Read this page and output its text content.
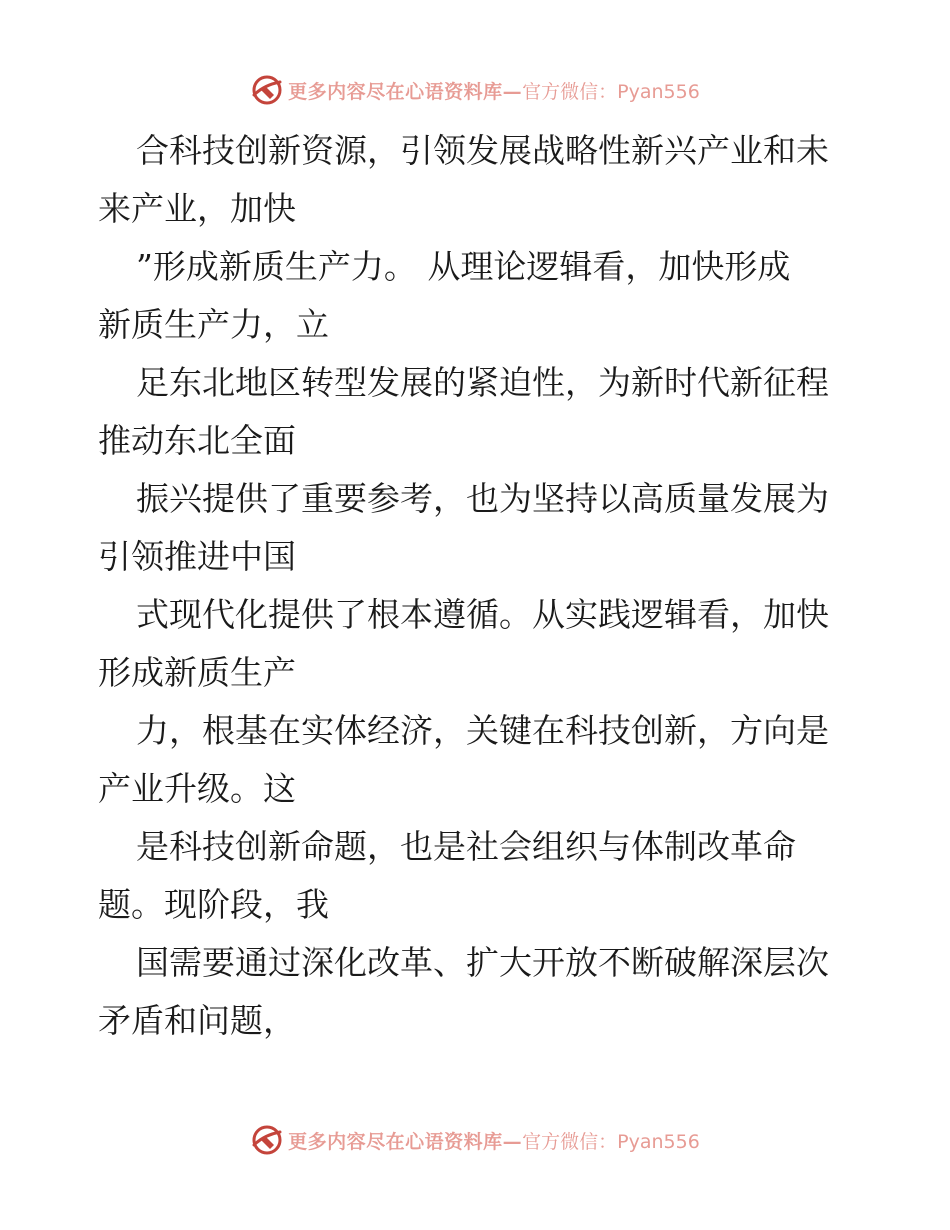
更多内容尽在心语资料库— 官方微信：Pyan556
合科技创新资源，引领发展战略性新兴产业和未
来产业，加快
”形成新质生产力。 从理论逻辑看，加快形成
新质生产力，立
足东北地区转型发展的紧迫性，为新时代新征程
推动东北全面
振兴提供了重要参考，也为坚持以高质量发展为
引领推进中国
式现代化提供了根本遵循。从实践逻辑看，加快
形成新质生产
力，根基在实体经济，关键在科技创新，方向是
产业升级。这
是科技创新命题，也是社会组织与体制改革命
题。现阶段，我
国需要通过深化改革、扩大开放不断破解深层次
矛盾和问题，
更多内容尽在心语资料库— 官方微信：Pyan556
